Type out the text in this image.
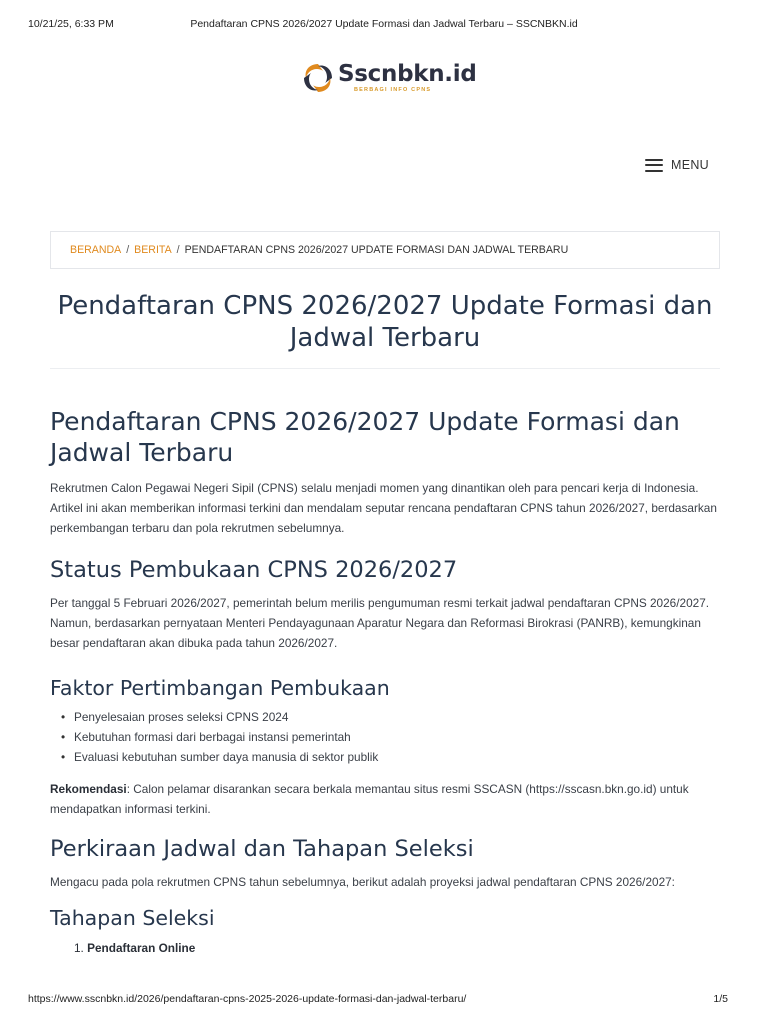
10/21/25, 6:33 PM	Pendaftaran CPNS 2026/2027 Update Formasi dan Jadwal Terbaru – SSCNBKN.id
Sscnbkn.id
BERBAGI INFO CPNS
MENU
BERANDA / BERITA / PENDAFTARAN CPNS 2026/2027 UPDATE FORMASI DAN JADWAL TERBARU
Pendaftaran CPNS 2026/2027 Update Formasi dan Jadwal Terbaru
Pendaftaran CPNS 2026/2027 Update Formasi dan Jadwal Terbaru

Rekrutmen Calon Pegawai Negeri Sipil (CPNS) selalu menjadi momen yang dinantikan oleh para pencari kerja di Indonesia. Artikel ini akan memberikan informasi terkini dan mendalam seputar rencana pendaftaran CPNS tahun 2026/2027, berdasarkan perkembangan terbaru dan pola rekrutmen sebelumnya.

Status Pembukaan CPNS 2026/2027

Per tanggal 5 Februari 2026/2027, pemerintah belum merilis pengumuman resmi terkait jadwal pendaftaran CPNS 2026/2027. Namun, berdasarkan pernyataan Menteri Pendayagunaan Aparatur Negara dan Reformasi Birokrasi (PANRB), kemungkinan besar pendaftaran akan dibuka pada tahun 2026/2027.

Faktor Pertimbangan Pembukaan
• Penyelesaian proses seleksi CPNS 2024
• Kebutuhan formasi dari berbagai instansi pemerintah
• Evaluasi kebutuhan sumber daya manusia di sektor publik

Rekomendasi: Calon pelamar disarankan secara berkala memantau situs resmi SSCASN (https://sscasn.bkn.go.id) untuk mendapatkan informasi terkini.

Perkiraan Jadwal dan Tahapan Seleksi

Mengacu pada pola rekrutmen CPNS tahun sebelumnya, berikut adalah proyeksi jadwal pendaftaran CPNS 2026/2027:

Tahapan Seleksi
1. Pendaftaran Online
https://www.sscnbkn.id/2026/pendaftaran-cpns-2025-2026-update-formasi-dan-jadwal-terbaru/	1/5
